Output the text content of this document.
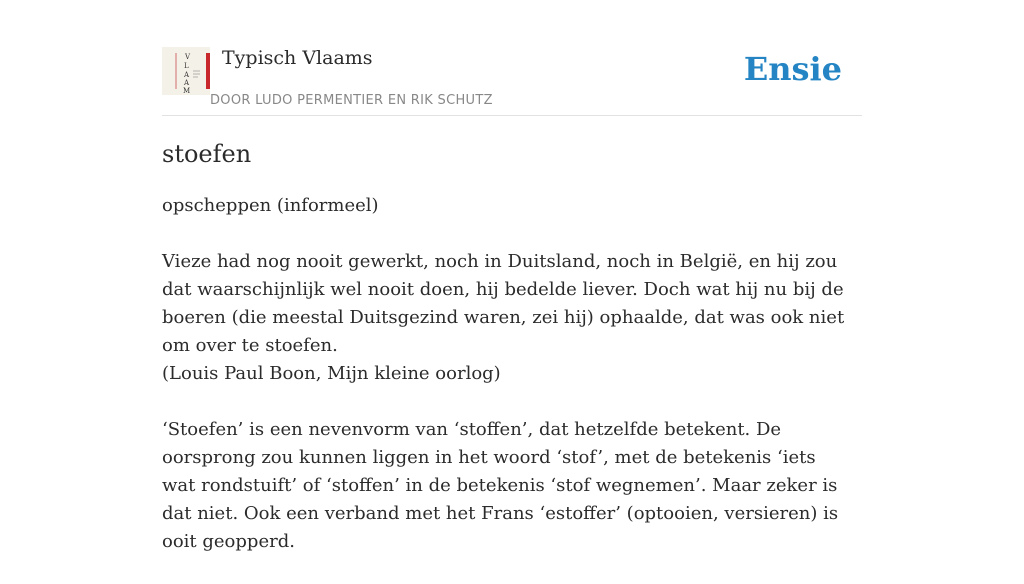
V
L
A
A
M
Typisch Vlaams
DOOR LUDO PERMENTIER EN RIK SCHUTZ
Ensie
stoefen

opscheppen (informeel)

Vieze had nog nooit gewerkt, noch in Duitsland, noch in België, en hij zou dat waarschijnlijk wel nooit doen, hij bedelde liever. Doch wat hij nu bij de boeren (die meestal Duitsgezind waren, zei hij) ophaalde, dat was ook niet om over te stoefen.
(Louis Paul Boon, Mijn kleine oorlog)

‘Stoefen’ is een nevenvorm van ‘stoffen’, dat hetzelfde betekent. De oorsprong zou kunnen liggen in het woord ‘stof’, met de betekenis ‘iets wat rondstuift’ of ‘stoffen’ in de betekenis ‘stof wegnemen’. Maar zeker is dat niet. Ook een verband met het Frans ‘estoffer’ (optooien, versieren) is ooit geopperd.
